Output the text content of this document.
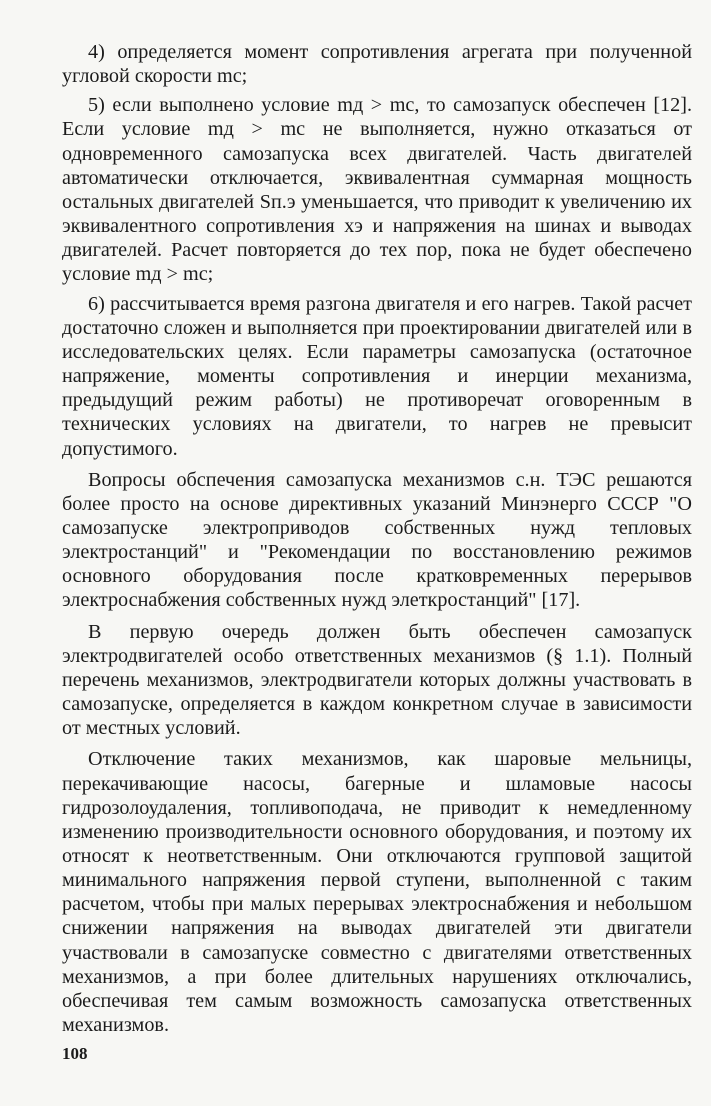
4) определяется момент сопротивления агрегата при полученной угловой скорости mc;

5) если выполнено условие mд > mc, то самозапуск обеспечен [12]. Если условие mд > mc не выполняется, нужно отказаться от одновременного самозапуска всех двигателей. Часть двигателей автоматически отключается, эквивалентная суммарная мощность остальных двигателей Sп.э уменьшается, что приводит к увеличению их эквивалентного сопротивления xэ и напряжения на шинах и выводах двигателей. Расчет повторяется до тех пор, пока не будет обеспечено условие mд > mc;

6) рассчитывается время разгона двигателя и его нагрев. Такой расчет достаточно сложен и выполняется при проектировании двигателей или в исследовательских целях. Если параметры самозапуска (остаточное напряжение, моменты сопротивления и инерции механизма, предыдущий режим работы) не противоречат оговоренным в технических условиях на двигатели, то нагрев не превысит допустимого.

Вопросы обспечения самозапуска механизмов с.н. ТЭС решаются более просто на основе директивных указаний Минэнерго СССР "О самозапуске электроприводов собственных нужд тепловых электростанций" и "Рекомендации по восстановлению режимов основного оборудования после кратковременных перерывов электроснабжения собственных нужд элеткростанций" [17].

В первую очередь должен быть обеспечен самозапуск электродвигателей особо ответственных механизмов (§ 1.1). Полный перечень механизмов, электродвигатели которых должны участвовать в самозапуске, определяется в каждом конкретном случае в зависимости от местных условий.

Отключение таких механизмов, как шаровые мельницы, перекачивающие насосы, багерные и шламовые насосы гидрозолоудаления, топливоподача, не приводит к немедленному изменению производительности основного оборудования, и поэтому их относят к неответственным. Они отключаются групповой защитой минимального напряжения первой ступени, выполненной с таким расчетом, чтобы при малых перерывах электроснабжения и небольшом снижении напряжения на выводах двигателей эти двигатели участвовали в самозапуске совместно с двигателями ответственных механизмов, а при более длительных нарушениях отключались, обеспечивая тем самым возможность самозапуска ответственных механизмов.

108
